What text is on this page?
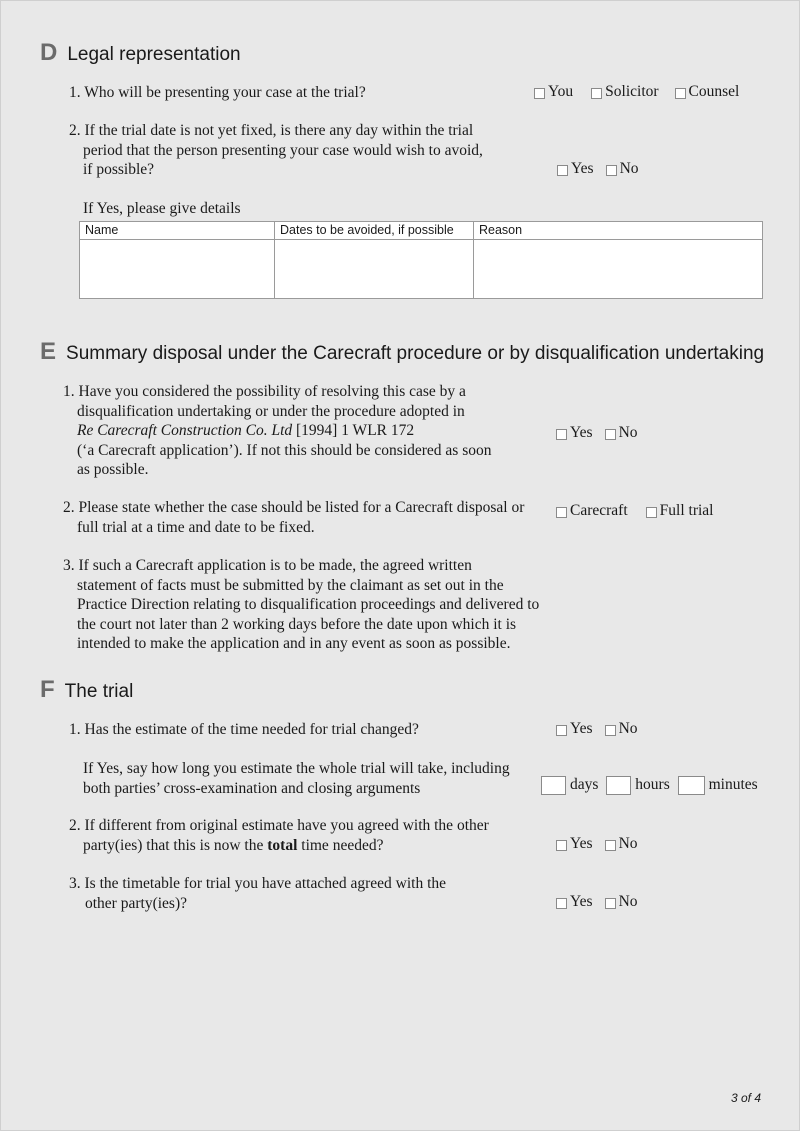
D Legal representation
1. Who will be presenting your case at the trial?	You
Solicitor
Counsel
2. If the trial date is not yet fixed, is there any day within the trial
period that the person presenting your case would wish to avoid,
if possible?	Yes
No
If Yes, please give details
Name	Dates to be avoided, if possible	Reason

E Summary disposal under the Carecraft procedure or by disqualification undertaking
1. Have you considered the possibility of resolving this case by a
disqualification undertaking or under the procedure adopted in
Re Carecraft Construction Co. Ltd [1994] 1 WLR 172
(‘a Carecraft application’). If not this should be considered as soon
as possible.
Yes
No
2. Please state whether the case should be listed for a Carecraft disposal or
full trial at a time and date to be fixed.
Carecraft
Full trial
3. If such a Carecraft application is to be made, the agreed written
statement of facts must be submitted by the claimant as set out in the
Practice Direction relating to disqualification proceedings and delivered to
the court not later than 2 working days before the date upon which it is
intended to make the application and in any event as soon as possible.
F The trial
1. Has the estimate of the time needed for trial changed?	Yes
No
If Yes, say how long you estimate the whole trial will take, including
both parties’ cross-examination and closing arguments	days hours	minutes
2. If different from original estimate have you agreed with the other
party(ies) that this is now the total time needed?	Yes
No
3. Is the timetable for trial you have attached agreed with the
other party(ies)?	Yes
No
3 of 4
